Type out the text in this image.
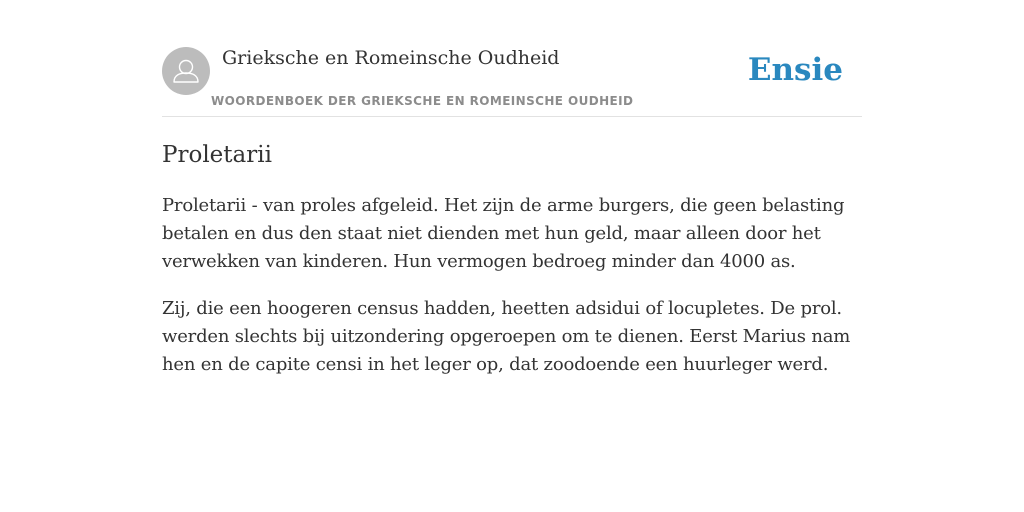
Grieksche en Romeinsche Oudheid
WOORDENBOEK DER GRIEKSCHE EN ROMEINSCHE OUDHEID
Ensie
Proletarii

Proletarii - van proles afgeleid. Het zijn de arme burgers, die geen belasting betalen en dus den staat niet dienden met hun geld, maar alleen door het verwekken van kinderen. Hun vermogen bedroeg minder dan 4000 as.

Zij, die een hoogeren census hadden, heetten adsidui of locupletes. De prol. werden slechts bij uitzondering opgeroepen om te dienen. Eerst Marius nam hen en de capite censi in het leger op, dat zoodoende een huurleger werd.
